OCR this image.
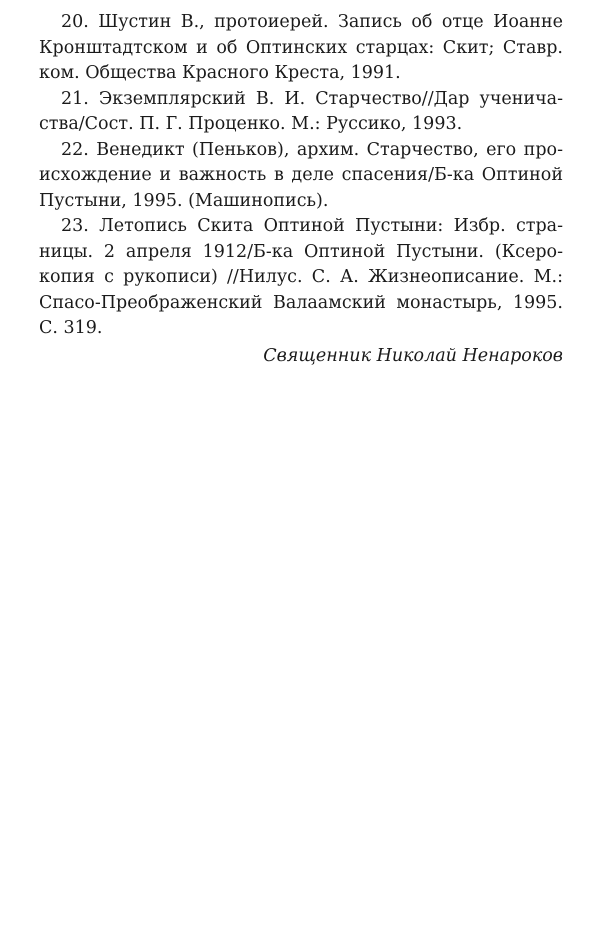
20. Шустин В., протоиерей. Запись об отце Иоанне
Кронштадтском и об Оптинских старцах: Скит; Ставр.
ком. Общества Красного Креста, 1991.
21. Экземплярский В. И. Старчество//Дар ученича-
ства/Сост. П. Г. Проценко. М.: Руссико, 1993.
22. Венедикт (Пеньков), архим. Старчество, его про-
исхождение и важность в деле спасения/Б-ка Оптиной
Пустыни, 1995. (Машинопись).
23. Летопись Скита Оптиной Пустыни: Избр. стра-
ницы. 2 апреля 1912/Б-ка Оптиной Пустыни. (Ксеро-
копия с рукописи) //Нилус. С. А. Жизнеописание. М.:
Спасо-Преображенский Валаамский монастырь, 1995.
С. 319.
Священник Николай Ненароков
